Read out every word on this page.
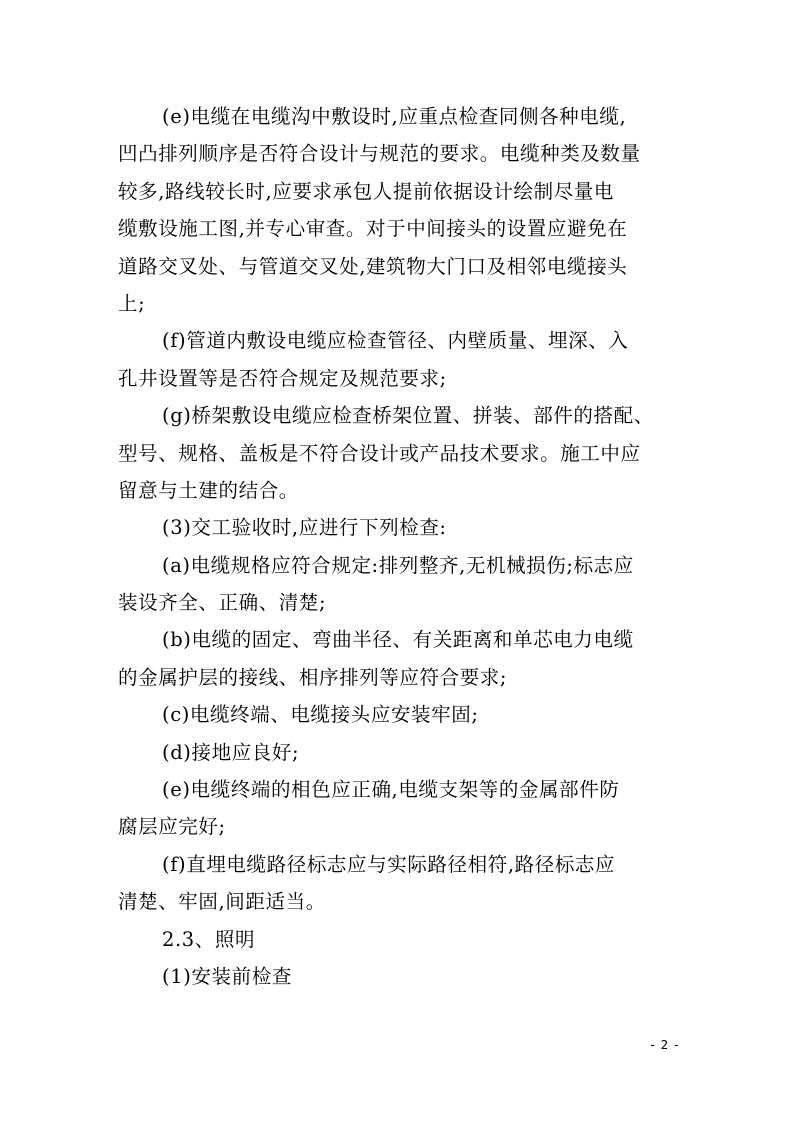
(e)电缆在电缆沟中敷设时,应重点检查同侧各种电缆,
凹凸排列顺序是否符合设计与规范的要求。电缆种类及数量
较多,路线较长时,应要求承包人提前依据设计绘制尽量电
缆敷设施工图,并专心审查。对于中间接头的设置应避免在
道路交叉处、与管道交叉处,建筑物大门口及相邻电缆接头
上;
(f)管道内敷设电缆应检查管径、内壁质量、埋深、入
孔井设置等是否符合规定及规范要求;
(g)桥架敷设电缆应检查桥架位置、拼装、部件的搭配、
型号、规格、盖板是不符合设计或产品技术要求。施工中应
留意与土建的结合。
(3)交工验收时,应进行下列检查:
(a)电缆规格应符合规定:排列整齐,无机械损伤;标志应
装设齐全、正确、清楚;
(b)电缆的固定、弯曲半径、有关距离和单芯电力电缆
的金属护层的接线、相序排列等应符合要求;
(c)电缆终端、电缆接头应安装牢固;
(d)接地应良好;
(e)电缆终端的相色应正确,电缆支架等的金属部件防
腐层应完好;
(f)直埋电缆路径标志应与实际路径相符,路径标志应
清楚、牢固,间距适当。
2.3、照明
(1)安装前检查
- 2 -
